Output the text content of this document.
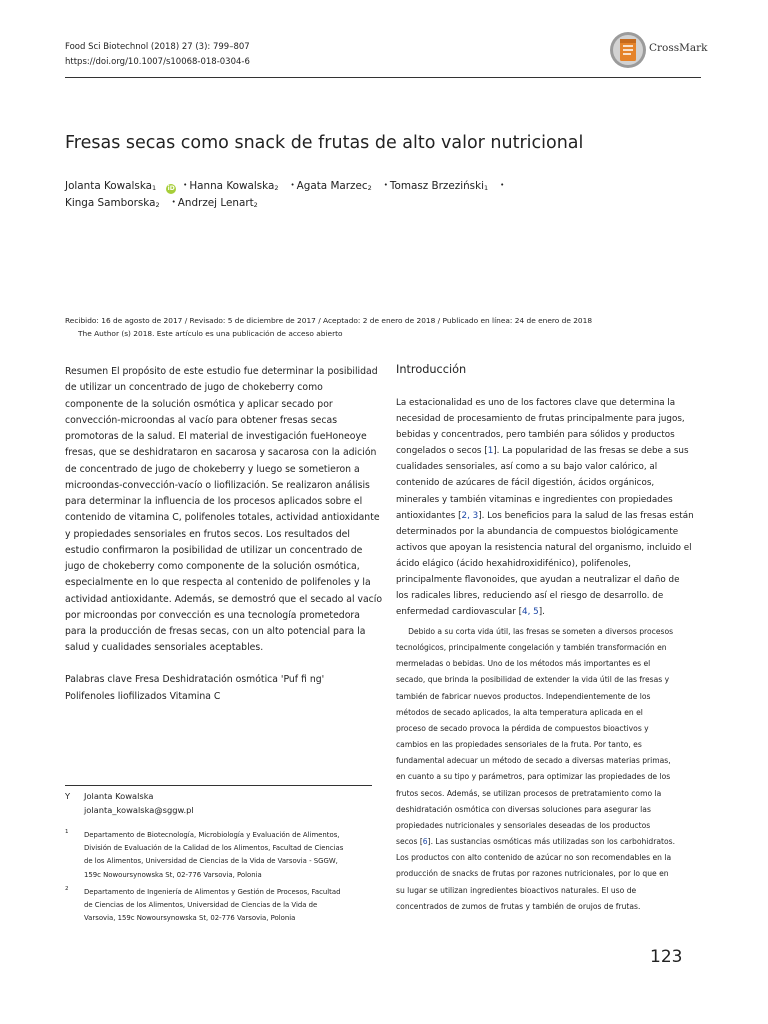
Food Sci Biotechnol (2018) 27 (3): 799–807
https://doi.org/10.1007/s10068-018-0304-6
CrossMark
Fresas secas como snack de frutas de alto valor nutricional
Jolanta Kowalska$_1$ iD • Hanna Kowalska$_2$ • Agata Marzec$_2$ • Tomasz Brzeziński$_1$ •
Kinga Samborska$_2$ • Andrzej Lenart$_2$
Recibido: 16 de agosto de 2017 / Revisado: 5 de diciembre de 2017 / Aceptado: 2 de enero de 2018 / Publicado en línea: 24 de enero de 2018
The Author (s) 2018. Este artículo es una publicación de acceso abierto
Resumen El propósito de este estudio fue determinar la posibilidad
de utilizar un concentrado de jugo de chokeberry como
componente de la solución osmótica y aplicar secado por
convección-microondas al vacío para obtener fresas secas
promotoras de la salud. El material de investigación fueHoneoye
fresas, que se deshidrataron en sacarosa y sacarosa con la adición
de concentrado de jugo de chokeberry y luego se sometieron a
microondas-convección-vacío o liofilización. Se realizaron análisis
para determinar la influencia de los procesos aplicados sobre el
contenido de vitamina C, polifenoles totales, actividad antioxidante
y propiedades sensoriales en frutos secos. Los resultados del
estudio confirmaron la posibilidad de utilizar un concentrado de
jugo de chokeberry como componente de la solución osmótica,
especialmente en lo que respecta al contenido de polifenoles y la
actividad antioxidante. Además, se demostró que el secado al vacío
por microondas por convección es una tecnología prometedora
para la producción de fresas secas, con un alto potencial para la
salud y cualidades sensoriales aceptables.
Palabras clave Fresa Deshidratación osmótica 'Puf fi ng'
Polifenoles liofilizados Vitamina C
Y	Jolanta Kowalska
jolanta_kowalska@sggw.pl
1 Departamento de Biotecnología, Microbiología y Evaluación de Alimentos,
División de Evaluación de la Calidad de los Alimentos, Facultad de Ciencias
de los Alimentos, Universidad de Ciencias de la Vida de Varsovia - SGGW,
159c Nowoursynowska St, 02-776 Varsovia, Polonia
2 Departamento de Ingeniería de Alimentos y Gestión de Procesos, Facultad
de Ciencias de los Alimentos, Universidad de Ciencias de la Vida de
Varsovia, 159c Nowoursynowska St, 02-776 Varsovia, Polonia
Introducción
La estacionalidad es uno de los factores clave que determina la
necesidad de procesamiento de frutas principalmente para jugos,
bebidas y concentrados, pero también para sólidos y productos
congelados o secos [1]. La popularidad de las fresas se debe a sus
cualidades sensoriales, así como a su bajo valor calórico, al
contenido de azúcares de fácil digestión, ácidos orgánicos,
minerales y también vitaminas e ingredientes con propiedades
antioxidantes [2, 3]. Los beneficios para la salud de las fresas están
determinados por la abundancia de compuestos biológicamente
activos que apoyan la resistencia natural del organismo, incluido el
ácido elágico (ácido hexahidroxidifénico), polifenoles,
principalmente flavonoides, que ayudan a neutralizar el daño de
los radicales libres, reduciendo así el riesgo de desarrollo. de
enfermedad cardiovascular [4, 5].
Debido a su corta vida útil, las fresas se someten a diversos procesos
tecnológicos, principalmente congelación y también transformación en
mermeladas o bebidas. Uno de los métodos más importantes es el
secado, que brinda la posibilidad de extender la vida útil de las fresas y
también de fabricar nuevos productos. Independientemente de los
métodos de secado aplicados, la alta temperatura aplicada en el
proceso de secado provoca la pérdida de compuestos bioactivos y
cambios en las propiedades sensoriales de la fruta. Por tanto, es
fundamental adecuar un método de secado a diversas materias primas,
en cuanto a su tipo y parámetros, para optimizar las propiedades de los
frutos secos. Además, se utilizan procesos de pretratamiento como la
deshidratación osmótica con diversas soluciones para asegurar las
propiedades nutricionales y sensoriales deseadas de los productos
secos [6]. Las sustancias osmóticas más utilizadas son los carbohidratos.
Los productos con alto contenido de azúcar no son recomendables en la
producción de snacks de frutas por razones nutricionales, por lo que en
su lugar se utilizan ingredientes bioactivos naturales. El uso de
concentrados de zumos de frutas y también de orujos de frutas.
123
